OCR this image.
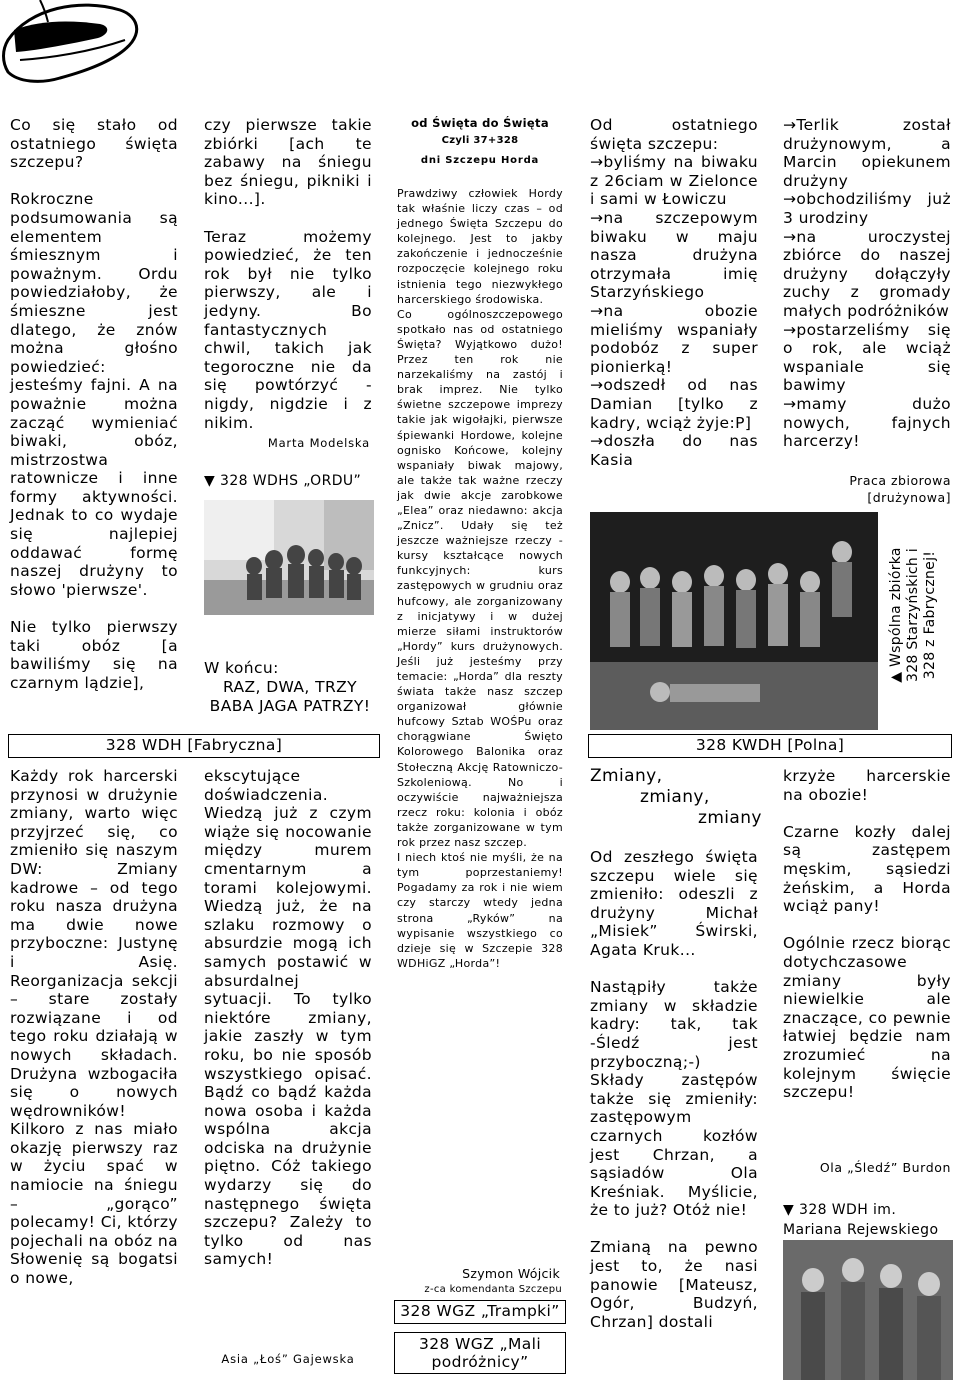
Co się stało od ostatniego święta szczepu?

Rokroczne podsumowania są elementem śmiesznym i poważnym. Ordu powiedziałoby, że śmieszne jest dlatego, że znów można głośno powiedzieć: jesteśmy fajni. A na poważnie można zacząć wymieniać biwaki, obóz, mistrzostwa ratownicze i inne formy aktywności. Jednak to co wydaje się najlepiej oddawać formę naszej drużyny to słowo 'pierwsze'.

Nie tylko pierwszy taki obóz [a bawiliśmy się na czarnym lądzie],
328 WDH [Fabryczna]
Każdy rok harcerski przynosi w drużynie zmiany, warto więc przyjrzeć się, co zmieniło się naszym DW: Zmiany kadrowe – od tego roku nasza drużyna ma dwie nowe przyboczne: Justynę i Asię. Reorganizacja sekcji – stare zostały rozwiązane i od tego roku działają w nowych składach. Drużyna wzbogaciła się o nowych wędrowników! Kilkoro z nas miało okazję pierwszy raz w życiu spać w namiocie na śniegu – „gorąco” polecamy! Ci, którzy pojechali na obóz na Słowenię są bogatsi o nowe,
czy pierwsze takie zbiórki [ach te zabawy na śniegu bez śniegu, pikniki i kino...].

Teraz możemy powiedzieć, że ten rok był nie tylko pierwszy, ale i jedyny. Bo fantastycznych chwil, takich jak tegoroczne nie da się powtórzyć -nigdy, nigdzie i z nikim.
Marta Modelska
▼ 328 WDHS „ORDU”
W końcu:
RAZ, DWA, TRZY
BABA JAGA PATRZY!
ekscytujące doświadczenia. Wiedzą już z czym wiąże się nocowanie między murem cmentarnym a torami kolejowymi. Wiedzą już, że na szlaku rozmowy o absurdzie mogą ich samych postawić w absurdalnej sytuacji. To tylko niektóre zmiany, jakie zaszły w tym roku, bo nie sposób wszystkiego opisać. Bądź co bądź każda nowa osoba i każda wspólna akcja odciska na drużynie piętno. Cóż takiego wydarzy się do następnego święta szczepu? Zależy to tylko od nas samych!
Asia „Łoś” Gajewska
od Święta do Święta
Czyli 37+328
dni Szczepu Horda
Prawdziwy człowiek Hordy tak właśnie liczy czas – od jednego Święta Szczepu do kolejnego. Jest to jakby zakończenie i jednocześnie rozpoczęcie kolejnego roku istnienia tego niezwykłego harcerskiego środowiska.
Co ogólnoszczepowego spotkało nas od ostatniego Święta? Wyjątkowo dużo! Przez ten rok nie narzekaliśmy na zastój i brak imprez. Nie tylko świetne szczepowe imprezy takie jak wigołajki, pierwsze śpiewanki Hordowe, kolejne ognisko Końcowe, kolejny wspaniały biwak majowy, ale także tak ważne rzeczy jak dwie akcje zarobkowe „Elea” oraz niedawno: akcja „Znicz”. Udały się też jeszcze ważniejsze rzeczy -kursy kształcące nowych funkcyjnych: kurs zastępowych w grudniu oraz hufcowy, ale zorganizowany z inicjatywy i w dużej mierze siłami instruktorów „Hordy” kurs drużynowych. Jeśli już jesteśmy przy temacie: „Horda” dla reszty świata także nasz szczep organizował głównie hufcowy Sztab WOŚPu oraz chorągwiane Święto Kolorowego Balonika oraz Stołeczną Akcję Ratowniczo-Szkoleniową. No i oczywiście najważniejsza rzecz roku: kolonia i obóz także zorganizowane w tym rok przez nasz szczep.
I niech ktoś nie myśli, że na tym poprzestaniemy! Pogadamy za rok i nie wiem czy starczy wtedy jedna strona „Ryków” na wypisanie wszystkiego co dzieje się w Szczepie 328 WDHiGZ „Horda”!
Szymon Wójcik
z-ca komendanta Szczepu
328 WGZ „Trampki”
328 WGZ „Mali podróżnicy”
Od ostatniego święta szczepu:
→byliśmy na biwaku z 26ciam w Zielonce i sami w Łowiczu
→na szczepowym biwaku w maju nasza drużyna otrzymała imię Starzyńskiego
→na obozie mieliśmy wspaniały podobóz z super pionierką!
→odszedł od nas Damian [tylko z kadry, wciąż żyje:P]
→doszła do nas Kasia
▲ Wspólna zbiórka
328 Starzyńskich i
328 z Fabrycznej!
328 KWDH [Polna]
Zmiany,
zmiany,
zmiany
Od zeszłego święta szczepu wiele się zmieniło: odeszli z drużyny Michał „Misiek” Świrski, Agata Kruk...

Nastąpiły także zmiany w składzie kadry: tak, tak -Śledź jest przyboczną;-) Składy zastępów także się zmieniły: zastępowym czarnych kozłów jest Chrzan, a sąsiadów Ola Kreśniak. Myślicie, że to już? Otóż nie!

Zmianą na pewno jest to, że nasi panowie [Mateusz, Ogór, Budzyń, Chrzan] dostali
→Terlik został drużynowym, a Marcin opiekunem drużyny
→obchodziliśmy już 3 urodziny
→na uroczystej zbiórce do naszej drużyny dołączyły zuchy z gromady małych podróżników
→postarzeliśmy się o rok, ale wciąż wspaniale się bawimy
→mamy dużo nowych, fajnych harcerzy!
Praca zbiorowa
[drużynowa]
krzyże harcerskie na obozie!

Czarne kozły dalej są zastępem męskim, sąsiedzi żeńskim, a Horda wciąż pany!

Ogólnie rzecz biorąc dotychczasowe zmiany były niewielkie ale znaczące, co pewnie łatwiej będzie nam zrozumieć na kolejnym święcie szczepu!
Ola „Śledź” Burdon
▼ 328 WDH im. Mariana Rejewskiego
